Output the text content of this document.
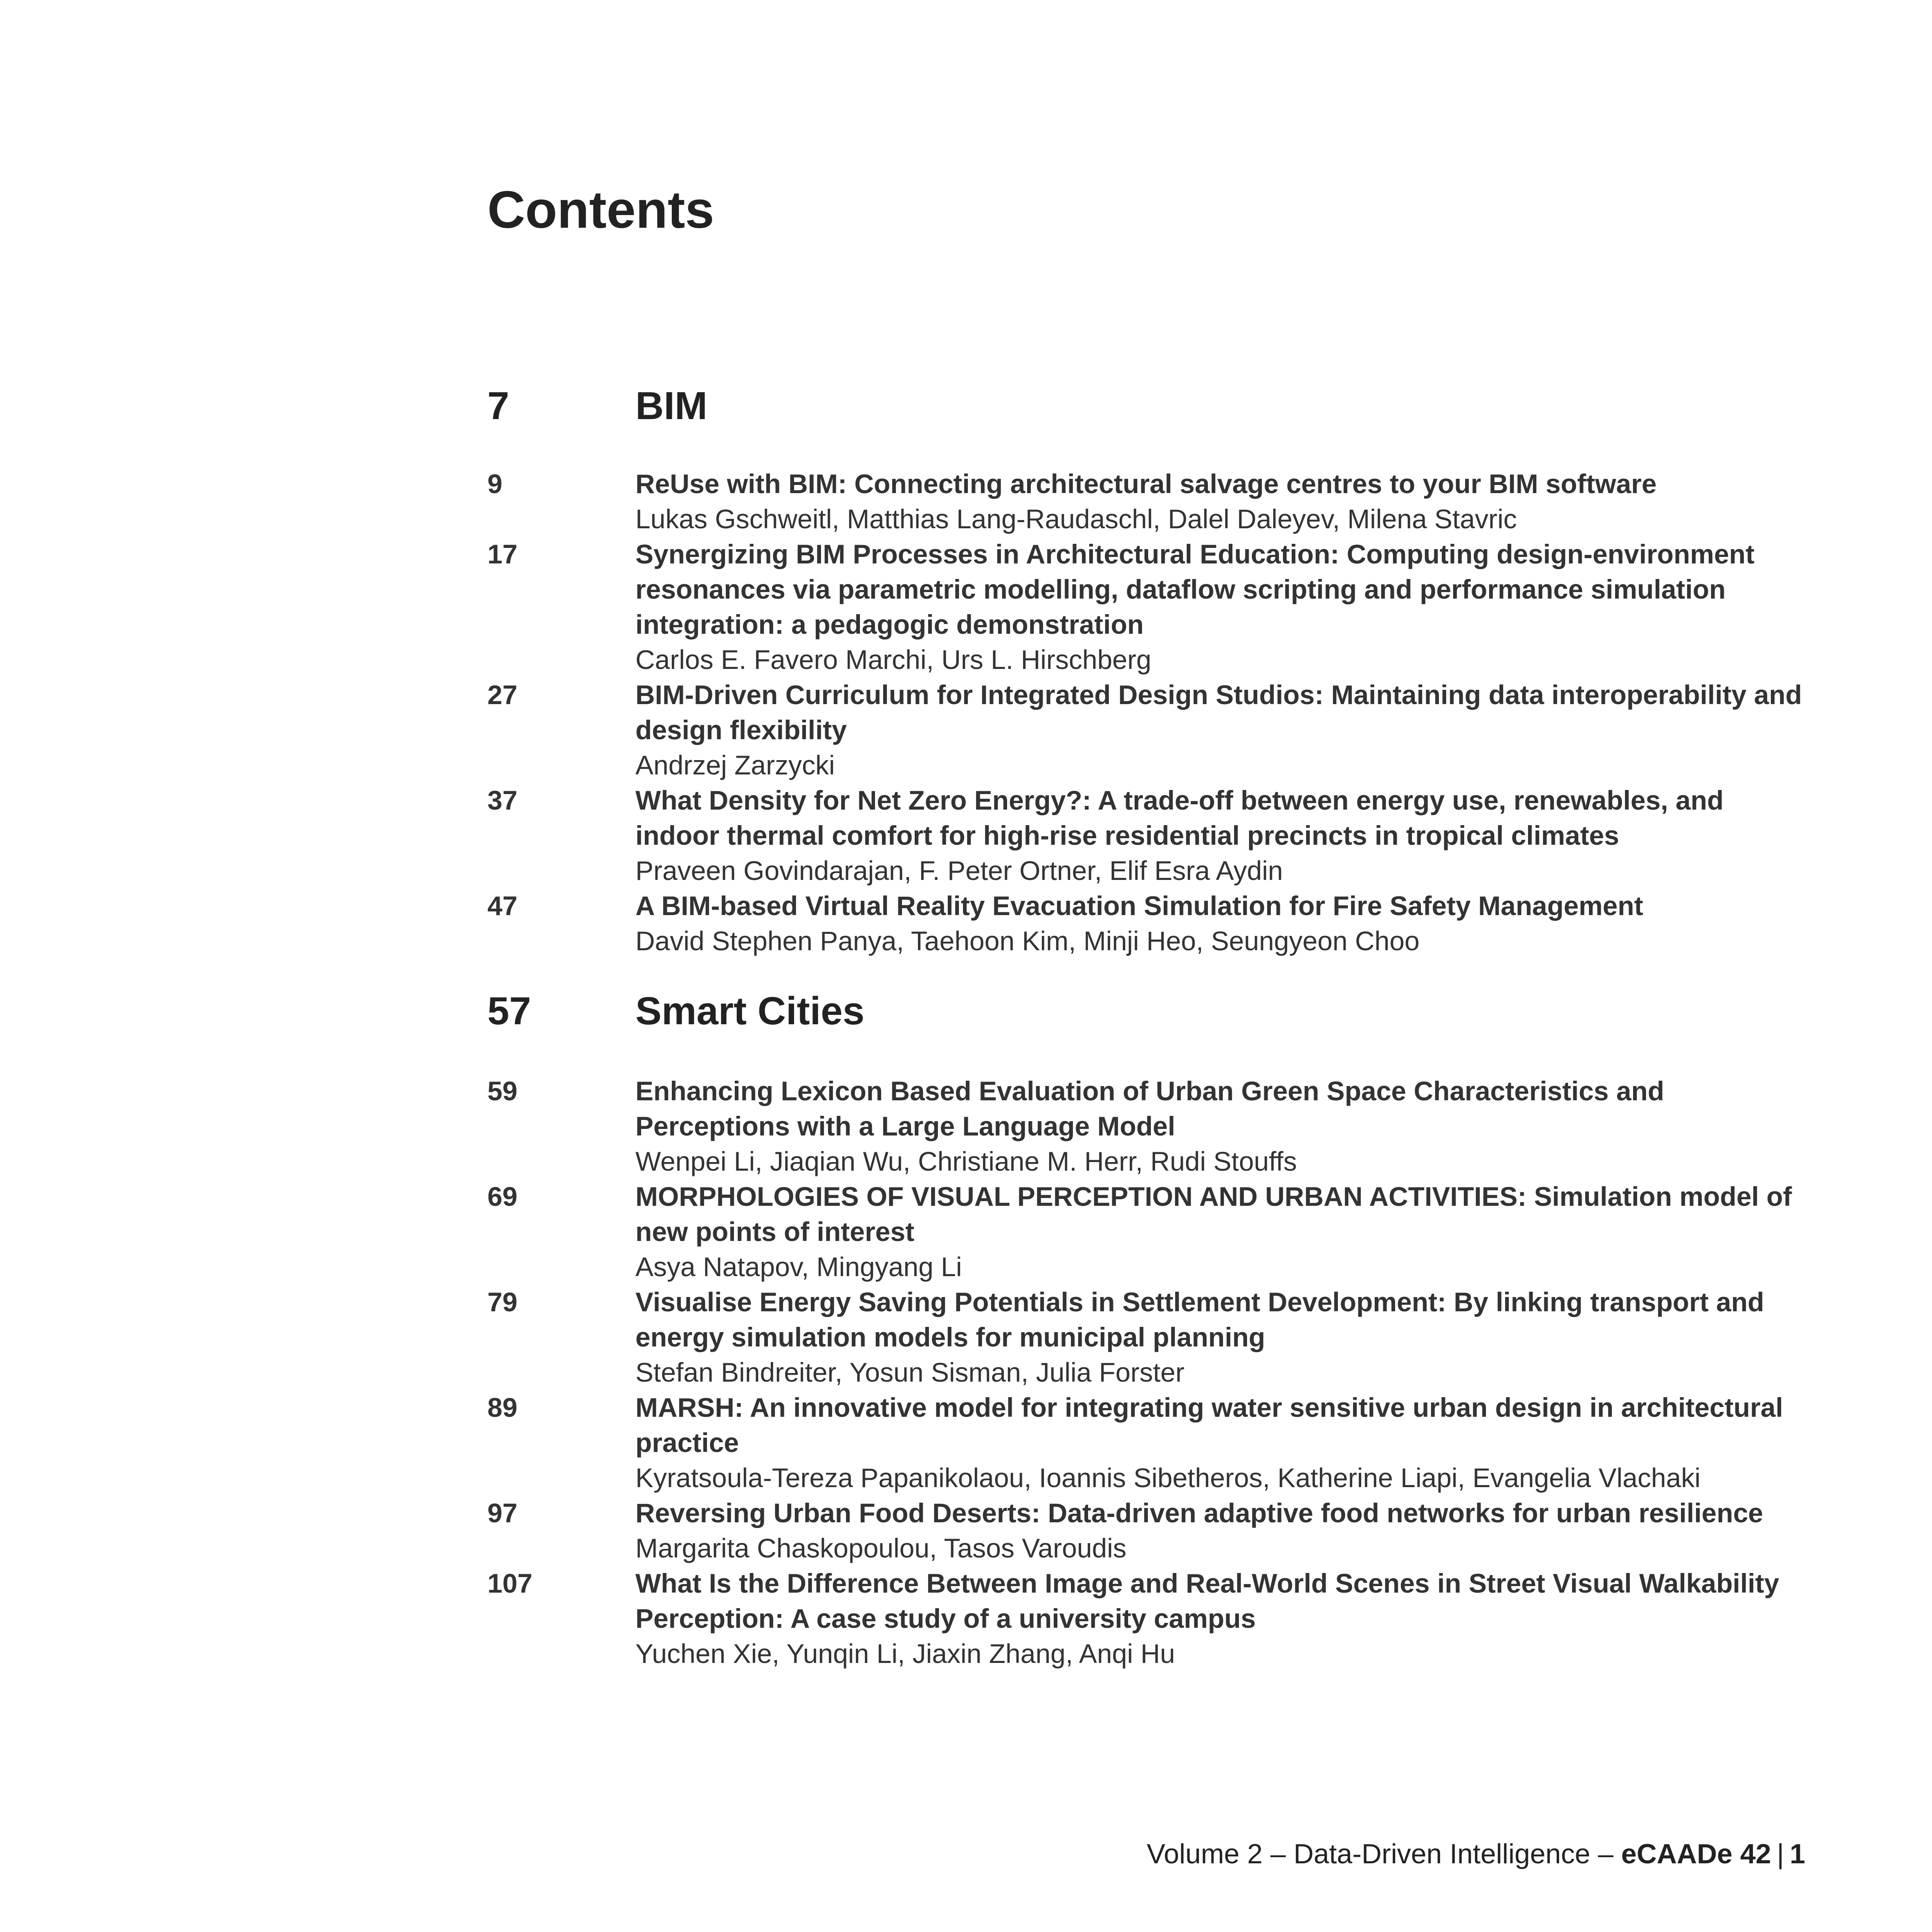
Contents
7	BIM
9	ReUse with BIM: Connecting architectural salvage centres to your BIM software
Lukas Gschweitl, Matthias Lang-Raudaschl, Dalel Daleyev, Milena Stavric
17	Synergizing BIM Processes in Architectural Education: Computing design-environment resonances via parametric modelling, dataflow scripting and performance simulation integration: a pedagogic demonstration
Carlos E. Favero Marchi, Urs L. Hirschberg
27	BIM-Driven Curriculum for Integrated Design Studios: Maintaining data interoperability and design flexibility
Andrzej Zarzycki
37	What Density for Net Zero Energy?: A trade-off between energy use, renewables, and indoor thermal comfort for high-rise residential precincts in tropical climates
Praveen Govindarajan, F. Peter Ortner, Elif Esra Aydin
47	A BIM-based Virtual Reality Evacuation Simulation for Fire Safety Management
David Stephen Panya, Taehoon Kim, Minji Heo, Seungyeon Choo
57	Smart Cities
59	Enhancing Lexicon Based Evaluation of Urban Green Space Characteristics and Perceptions with a Large Language Model
Wenpei Li, Jiaqian Wu, Christiane M. Herr, Rudi Stouffs
69	MORPHOLOGIES OF VISUAL PERCEPTION AND URBAN ACTIVITIES: Simulation model of new points of interest
Asya Natapov, Mingyang Li
79	Visualise Energy Saving Potentials in Settlement Development: By linking transport and energy simulation models for municipal planning
Stefan Bindreiter, Yosun Sisman, Julia Forster
89	MARSH: An innovative model for integrating water sensitive urban design in architectural practice
Kyratsoula-Tereza Papanikolaou, Ioannis Sibetheros, Katherine Liapi, Evangelia Vlachaki
97	Reversing Urban Food Deserts: Data-driven adaptive food networks for urban resilience
Margarita Chaskopoulou, Tasos Varoudis
107	What Is the Difference Between Image and Real-World Scenes in Street Visual Walkability Perception: A case study of a university campus
Yuchen Xie, Yunqin Li, Jiaxin Zhang, Anqi Hu
Volume 2 – Data-Driven Intelligence – eCAADe 42 | 1
